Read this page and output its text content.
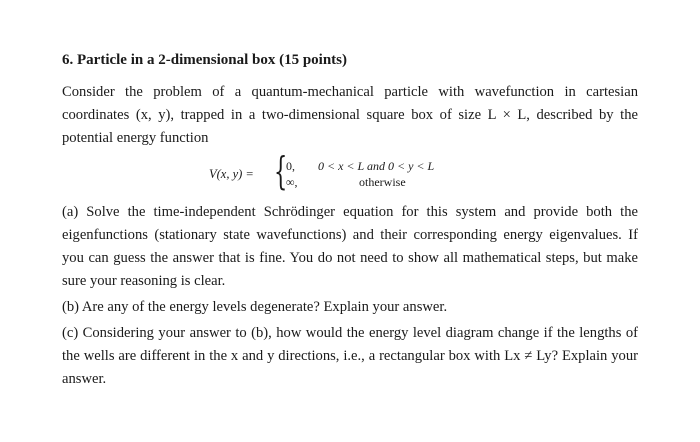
6. Particle in a 2-dimensional box (15 points)

Consider the problem of a quantum-mechanical particle with wavefunction in cartesian coordinates (x, y), trapped in a two-dimensional square box of size L × L, described by the potential energy function

V(x, y) = {
0, 0 < x < L and 0 < y < L
∞,	otherwise

(a) Solve the time-independent Schrödinger equation for this system and provide both the eigenfunctions (stationary state wavefunctions) and their corresponding energy eigenvalues. If you can guess the answer that is fine. You do not need to show all mathematical steps, but make sure your reasoning is clear.

(b) Are any of the energy levels degenerate? Explain your answer.

(c) Considering your answer to (b), how would the energy level diagram change if the lengths of the wells are different in the x and y directions, i.e., a rectangular box with Lx ≠ Ly? Explain your answer.
